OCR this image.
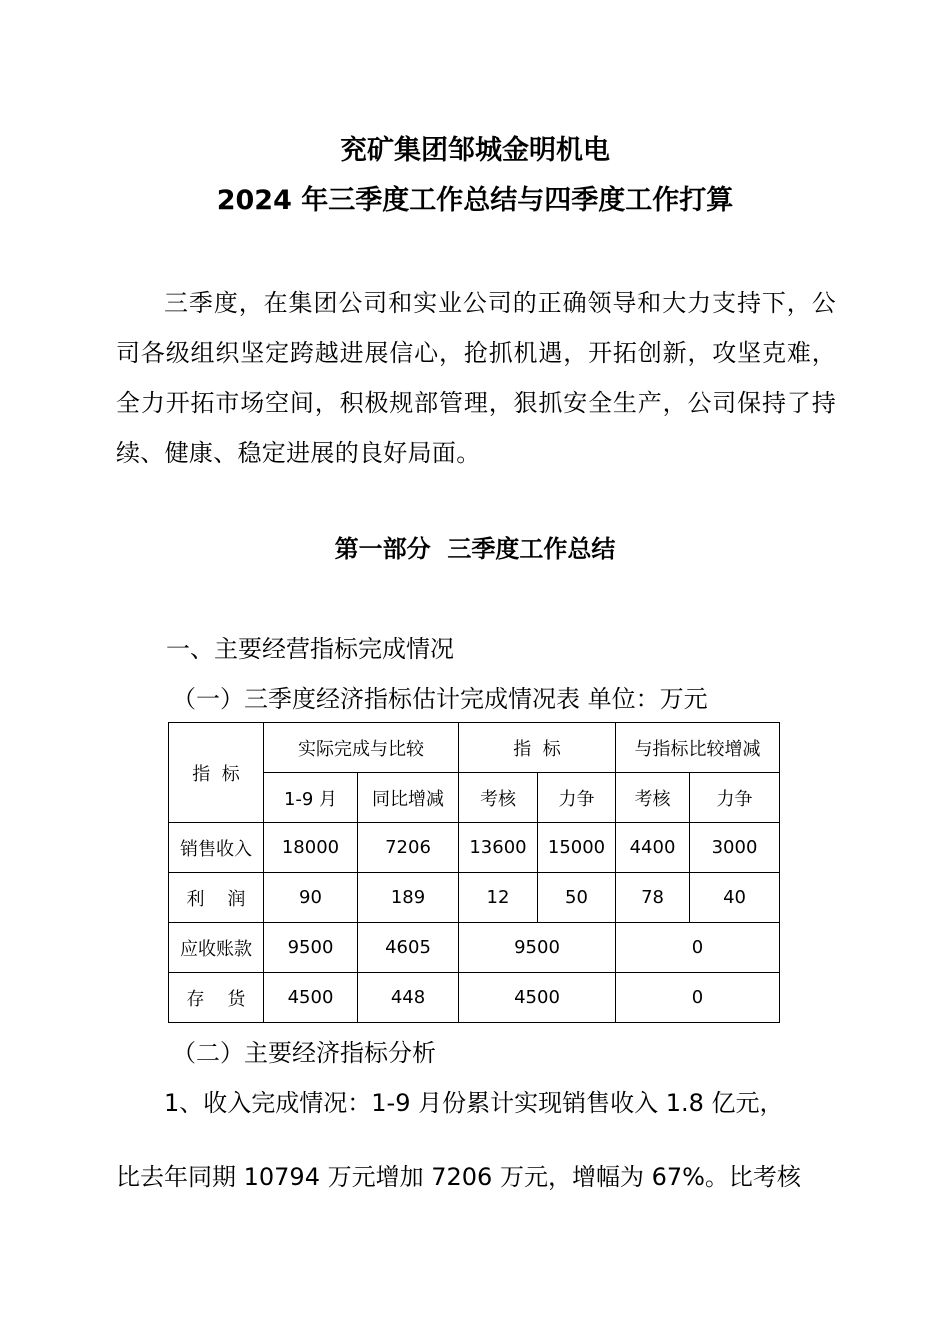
兖矿集团邹城金明机电
2024 年三季度工作总结与四季度工作打算

三季度，在集团公司和实业公司的正确领导和大力支持下，公司各级组织坚定跨越进展信心，抢抓机遇，开拓创新，攻坚克难，全力开拓市场空间，积极规部管理，狠抓安全生产，公司保持了持续、健康、稳定进展的良好局面。

第一部分  三季度工作总结
一、主要经营指标完成情况
（一）三季度经济指标估计完成情况表 单位：万元
指  标	实际完成与比较		指  标		与指标比较增减	
	1-9 月	同比增减	考核	力争	考核	力争
销售收入	18000	7206	13600	15000	4400	3000
利    润	90	189	12	50	78	40
应收账款	9500	4605	9500		0	
存    货	4500	448	4500		0	
（二）主要经济指标分析
1、收入完成情况：1-9 月份累计实现销售收入 1.8 亿元，
比去年同期 10794 万元增加 7206 万元，增幅为 67%。比考核
